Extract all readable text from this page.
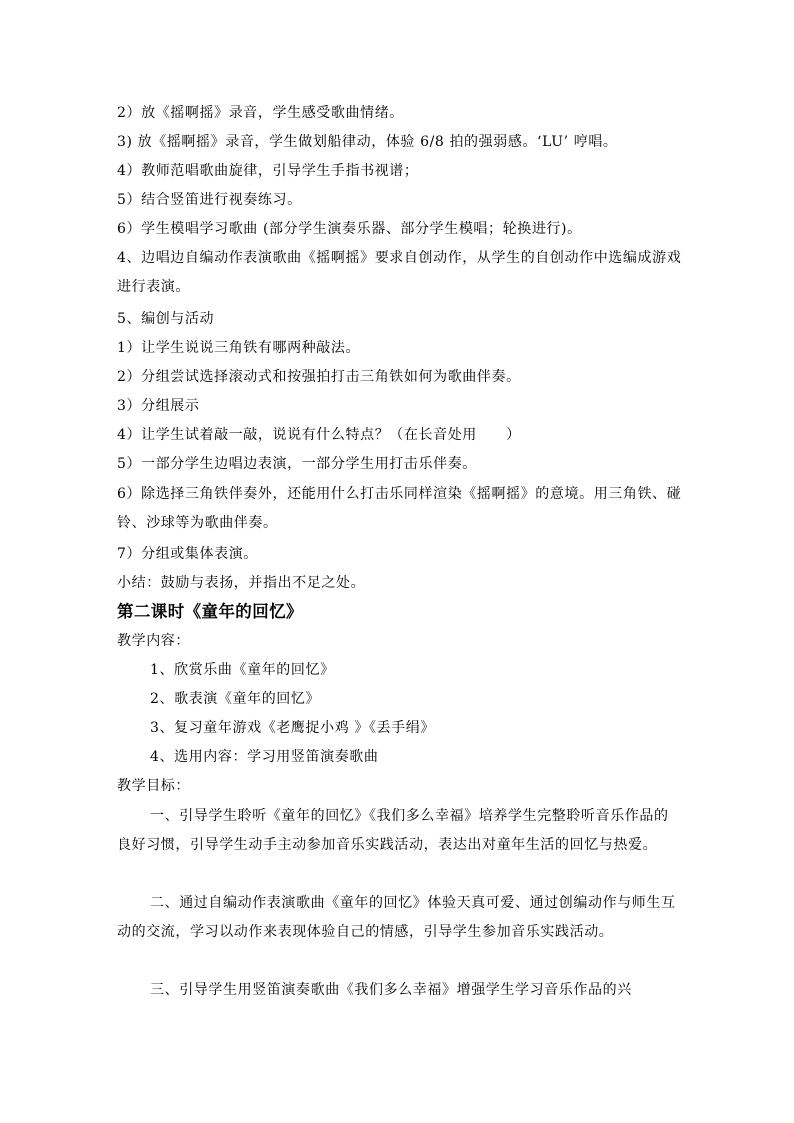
2）放《摇啊摇》录音，学生感受歌曲情绪。
3) 放《摇啊摇》录音，学生做划船律动，体验 6/8 拍的强弱感。‘LU’ 哼唱。
4）教师范唱歌曲旋律，引导学生手指书视谱；
5）结合竖笛进行视奏练习。
6）学生模唱学习歌曲 (部分学生演奏乐器、部分学生模唱；轮换进行)。
4、边唱边自编动作表演歌曲《摇啊摇》要求自创动作，从学生的自创动作中选编成游戏进行表演。
5、编创与活动
1）让学生说说三角铁有哪两种敲法。
2）分组尝试选择滚动式和按强拍打击三角铁如何为歌曲伴奏。
3）分组展示
4）让学生试着敲一敲，说说有什么特点？（在长音处用　　）
5）一部分学生边唱边表演，一部分学生用打击乐伴奏。
6）除选择三角铁伴奏外，还能用什么打击乐同样渲染《摇啊摇》的意境。用三角铁、碰铃、沙球等为歌曲伴奏。
7）分组或集体表演。
小结：鼓励与表扬，并指出不足之处。
第二课时《童年的回忆》
教学内容：
1、欣赏乐曲《童年的回忆》
2、歌表演《童年的回忆》
3、复习童年游戏《老鹰捉小鸡 》《丢手绢》
4、选用内容：学习用竖笛演奏歌曲
教学目标：
一、引导学生聆听《童年的回忆》《我们多么幸福》培养学生完整聆听音乐作品的良好习惯，引导学生动手主动参加音乐实践活动，表达出对童年生活的回忆与热爱。
二、通过自编动作表演歌曲《童年的回忆》体验天真可爱、通过创编动作与师生互动的交流，学习以动作来表现体验自己的情感，引导学生参加音乐实践活动。
三、引导学生用竖笛演奏歌曲《我们多么幸福》增强学生学习音乐作品的兴
